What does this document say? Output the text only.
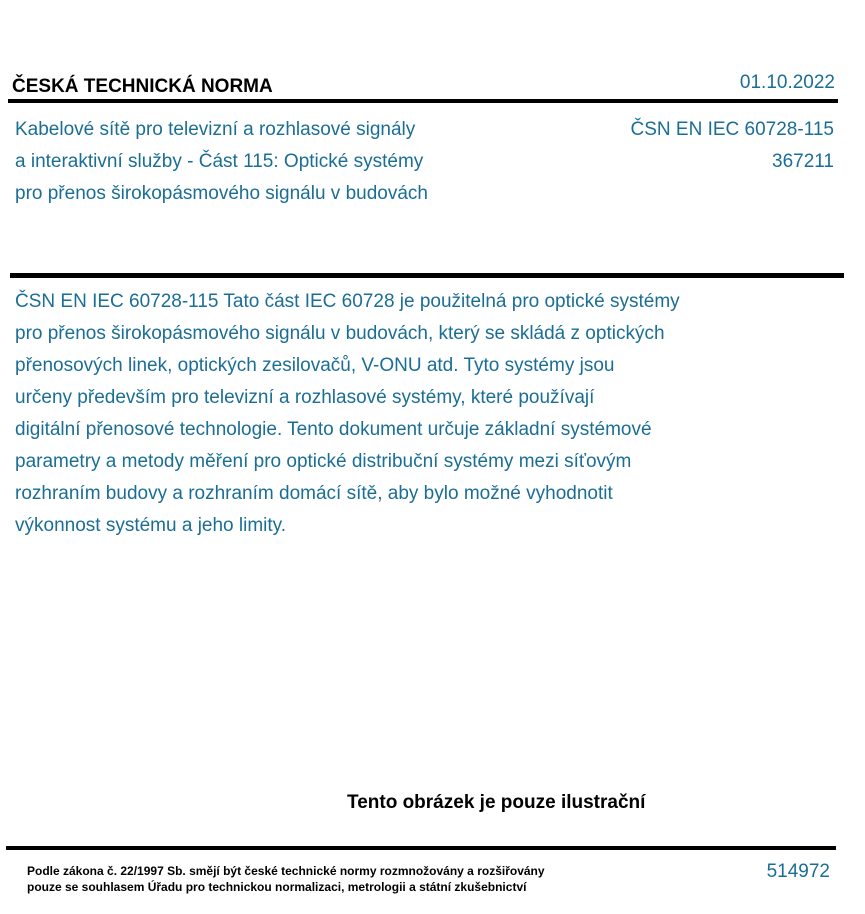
ČESKÁ TECHNICKÁ NORMA	01.10.2022
Kabelové sítě pro televizní a rozhlasové signály
a interaktivní služby - Část 115: Optické systémy
pro přenos širokopásmového signálu v budovách
ČSN EN IEC 60728-115
367211
ČSN EN IEC 60728-115 Tato část IEC 60728 je použitelná pro optické systémy
pro přenos širokopásmového signálu v budovách, který se skládá z optických
přenosových linek, optických zesilovačů, V-ONU atd. Tyto systémy jsou
určeny především pro televizní a rozhlasové systémy, které používají
digitální přenosové technologie. Tento dokument určuje základní systémové
parametry a metody měření pro optické distribuční systémy mezi síťovým
rozhraním budovy a rozhraním domácí sítě, aby bylo možné vyhodnotit
výkonnost systému a jeho limity.
Tento obrázek je pouze ilustrační
Podle zákona č. 22/1997 Sb. smějí být české technické normy rozmnožovány a rozšiřovány
pouze se souhlasem Úřadu pro technickou normalizaci, metrologii a státní zkušebnictví
514972
